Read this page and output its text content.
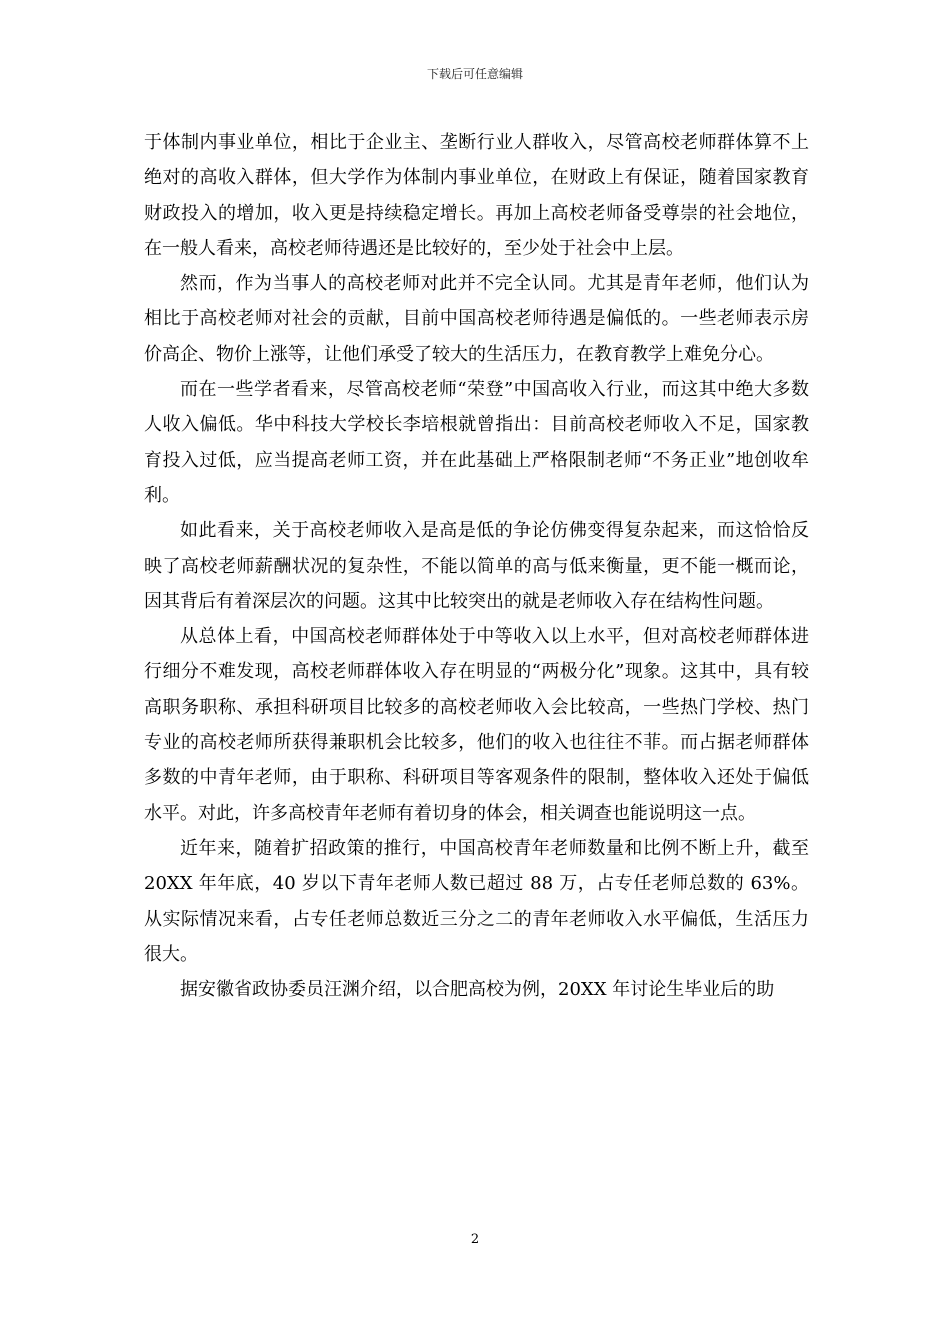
下载后可任意编辑

于体制内事业单位，相比于企业主、垄断行业人群收入，尽管高校老师群体算不上绝对的高收入群体，但大学作为体制内事业单位，在财政上有保证，随着国家教育财政投入的增加，收入更是持续稳定增长。再加上高校老师备受尊崇的社会地位，在一般人看来，高校老师待遇还是比较好的，至少处于社会中上层。

然而，作为当事人的高校老师对此并不完全认同。尤其是青年老师，他们认为相比于高校老师对社会的贡献，目前中国高校老师待遇是偏低的。一些老师表示房价高企、物价上涨等，让他们承受了较大的生活压力，在教育教学上难免分心。

而在一些学者看来，尽管高校老师“荣登”中国高收入行业，而这其中绝大多数人收入偏低。华中科技大学校长李培根就曾指出：目前高校老师收入不足，国家教育投入过低，应当提高老师工资，并在此基础上严格限制老师“不务正业”地创收牟利。

如此看来，关于高校老师收入是高是低的争论仿佛变得复杂起来，而这恰恰反映了高校老师薪酬状况的复杂性，不能以简单的高与低来衡量，更不能一概而论，因其背后有着深层次的问题。这其中比较突出的就是老师收入存在结构性问题。

从总体上看，中国高校老师群体处于中等收入以上水平，但对高校老师群体进行细分不难发现，高校老师群体收入存在明显的“两极分化”现象。这其中，具有较高职务职称、承担科研项目比较多的高校老师收入会比较高，一些热门学校、热门专业的高校老师所获得兼职机会比较多，他们的收入也往往不菲。而占据老师群体多数的中青年老师，由于职称、科研项目等客观条件的限制，整体收入还处于偏低水平。对此，许多高校青年老师有着切身的体会，相关调查也能说明这一点。

近年来，随着扩招政策的推行，中国高校青年老师数量和比例不断上升，截至 20XX 年年底，40 岁以下青年老师人数已超过 88 万，占专任老师总数的 63%。从实际情况来看，占专任老师总数近三分之二的青年老师收入水平偏低，生活压力很大。

据安徽省政协委员汪渊介绍，以合肥高校为例，20XX 年讨论生毕业后的助

2
